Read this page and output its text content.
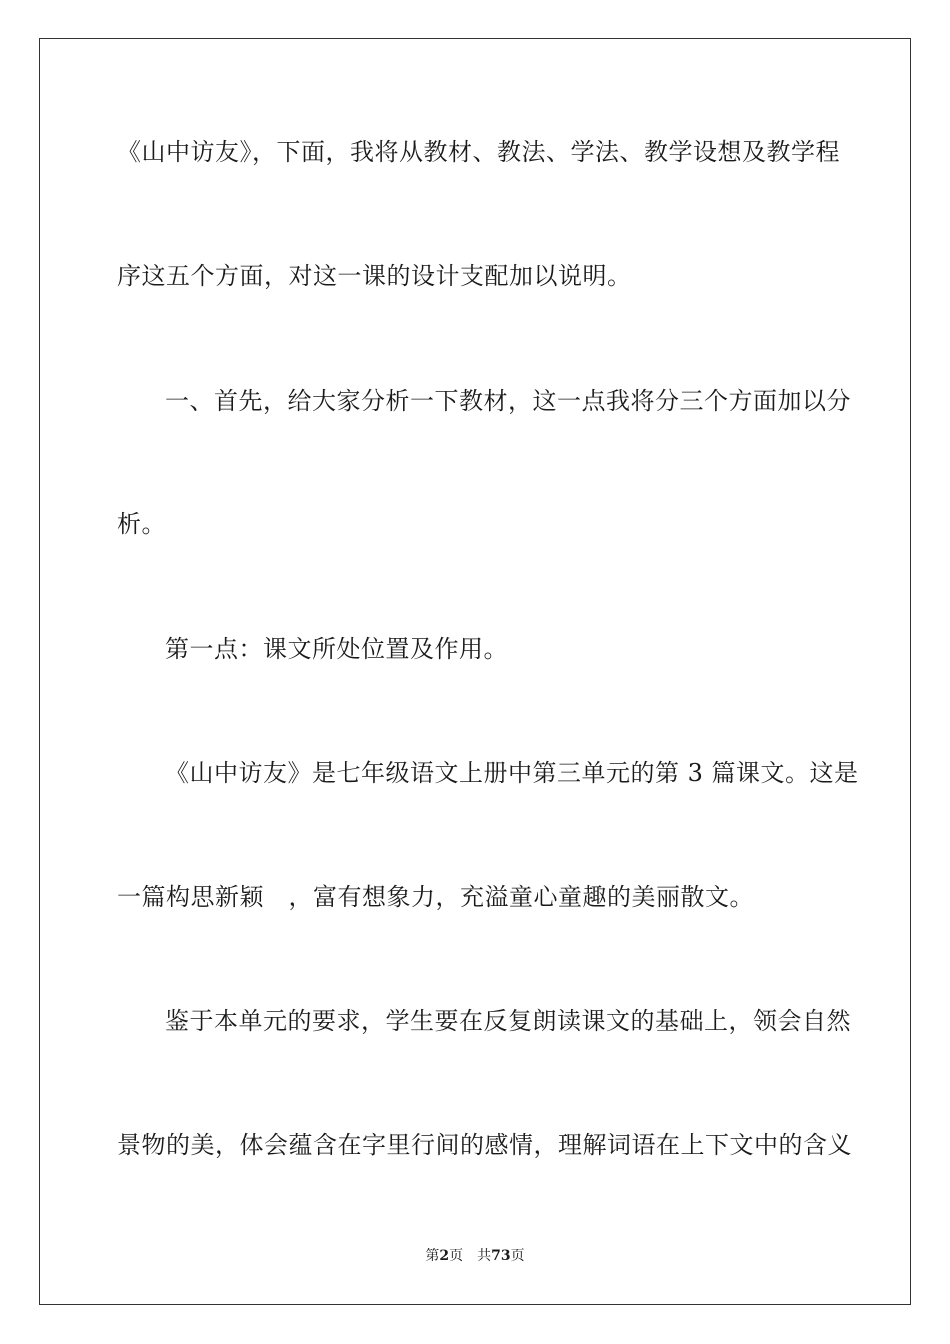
《山中访友》，下面，我将从教材、教法、学法、教学设想及教学程
序这五个方面，对这一课的设计支配加以说明。
一、首先，给大家分析一下教材，这一点我将分三个方面加以分
析。
第一点：课文所处位置及作用。
《山中访友》是七年级语文上册中第三单元的第 3 篇课文。这是
一篇构思新颖　，富有想象力，充溢童心童趣的美丽散文。
鉴于本单元的要求，学生要在反复朗读课文的基础上，领会自然
景物的美，体会蕴含在字里行间的感情，理解词语在上下文中的含义
第2页　共73页
